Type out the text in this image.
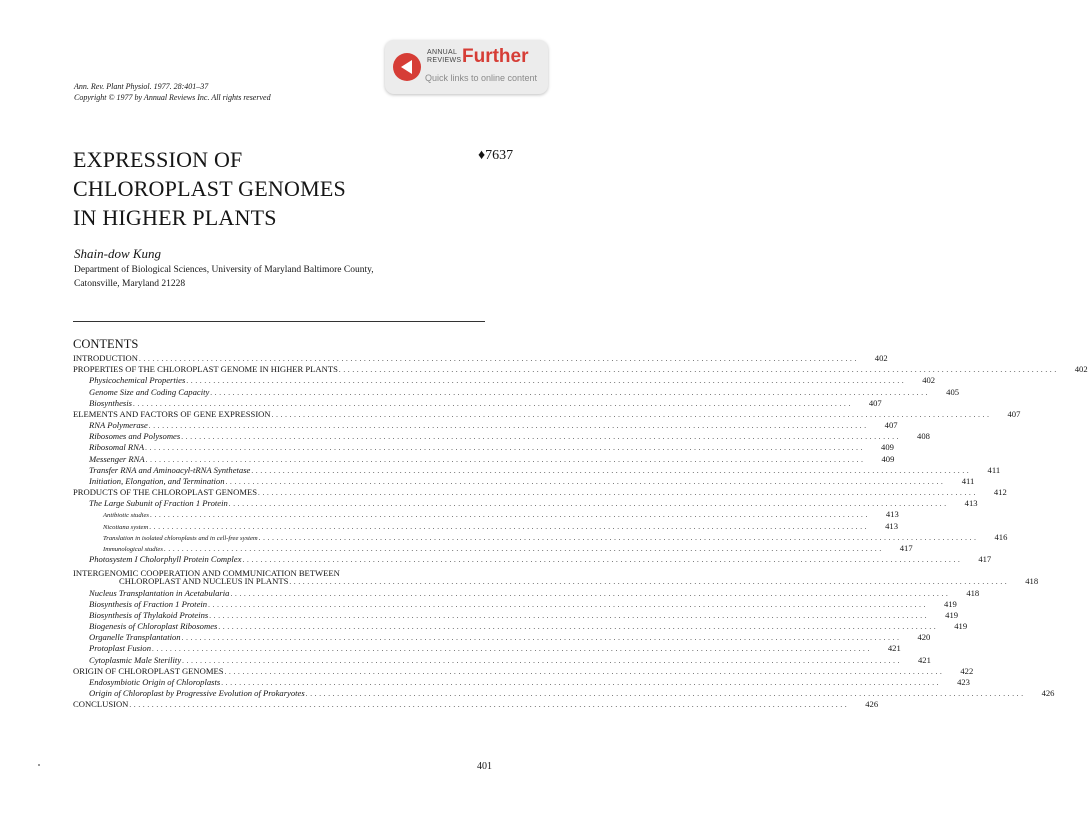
ANNUAL
REVIEWS Further
Quick links to online content
Ann. Rev. Plant Physiol. 1977. 28:401–37
Copyright © 1977 by Annual Reviews Inc. All rights reserved
EXPRESSION OF
CHLOROPLAST GENOMES
IN HIGHER PLANTS
♦7637
Shain-dow Kung
Department of Biological Sciences, University of Maryland Baltimore County,
Catonsville, Maryland 21228
CONTENTS
INTRODUCTION . . . . . . . . . . . . . . . . . . . . . . . . . . . . . . . . . . . . . . . . . . . . . . . . . . . . . . . . . . . . . . . . . . . . . . . . . . . . . . . . . . . . . . . . . . . . . . . . . . . . . . . . . . . . . . . . . . . . . . . . . . . . . . . . . . . . . . . . . . . . . . . . . . . . . . . . . . . . . . . .	402
PROPERTIES OF THE CHLOROPLAST GENOME IN HIGHER PLANTS . . . . . . . . . . . . . . . . . . . . . . . . . . . . . . . . . . . . . . . . . . . . . . . . . . . . . . . . . . . . . . . . . . . . . . . . . . . . . . . . . . . . . . . . . . . . . . . . . . . . . . . . . . . . . . . . . . . . . . . . . . . . . . . . . . . . . . . . . . . . . . . . . . . . . . . . . . . . . . . .	402
Physicochemical Properties . . . . . . . . . . . . . . . . . . . . . . . . . . . . . . . . . . . . . . . . . . . . . . . . . . . . . . . . . . . . . . . . . . . . . . . . . . . . . . . . . . . . . . . . . . . . . . . . . . . . . . . . . . . . . . . . . . . . . . . . . . . . . . . . . . . . . . . . . . . . . . . . . . . . . . . . . . . . . . . .	402
Genome Size and Coding Capacity . . . . . . . . . . . . . . . . . . . . . . . . . . . . . . . . . . . . . . . . . . . . . . . . . . . . . . . . . . . . . . . . . . . . . . . . . . . . . . . . . . . . . . . . . . . . . . . . . . . . . . . . . . . . . . . . . . . . . . . . . . . . . . . . . . . . . . . . . . . . . . . . . . . . . . . . . . . . . . . .	405
Biosynthesis . . . . . . . . . . . . . . . . . . . . . . . . . . . . . . . . . . . . . . . . . . . . . . . . . . . . . . . . . . . . . . . . . . . . . . . . . . . . . . . . . . . . . . . . . . . . . . . . . . . . . . . . . . . . . . . . . . . . . . . . . . . . . . . . . . . . . . . . . . . . . . . . . . . . . . . . . . . . . . . .	407
ELEMENTS AND FACTORS OF GENE EXPRESSION . . . . . . . . . . . . . . . . . . . . . . . . . . . . . . . . . . . . . . . . . . . . . . . . . . . . . . . . . . . . . . . . . . . . . . . . . . . . . . . . . . . . . . . . . . . . . . . . . . . . . . . . . . . . . . . . . . . . . . . . . . . . . . . . . . . . . . . . . . . . . . . . . . . . . . . . . . . . . . . .	407
RNA Polymerase . . . . . . . . . . . . . . . . . . . . . . . . . . . . . . . . . . . . . . . . . . . . . . . . . . . . . . . . . . . . . . . . . . . . . . . . . . . . . . . . . . . . . . . . . . . . . . . . . . . . . . . . . . . . . . . . . . . . . . . . . . . . . . . . . . . . . . . . . . . . . . . . . . . . . . . . . . . . . . . .	407
Ribosomes and Polysomes . . . . . . . . . . . . . . . . . . . . . . . . . . . . . . . . . . . . . . . . . . . . . . . . . . . . . . . . . . . . . . . . . . . . . . . . . . . . . . . . . . . . . . . . . . . . . . . . . . . . . . . . . . . . . . . . . . . . . . . . . . . . . . . . . . . . . . . . . . . . . . . . . . . . . . . . . . . . . . . .	408
Ribosomal RNA . . . . . . . . . . . . . . . . . . . . . . . . . . . . . . . . . . . . . . . . . . . . . . . . . . . . . . . . . . . . . . . . . . . . . . . . . . . . . . . . . . . . . . . . . . . . . . . . . . . . . . . . . . . . . . . . . . . . . . . . . . . . . . . . . . . . . . . . . . . . . . . . . . . . . . . . . . . . . . . .	409
Messenger RNA . . . . . . . . . . . . . . . . . . . . . . . . . . . . . . . . . . . . . . . . . . . . . . . . . . . . . . . . . . . . . . . . . . . . . . . . . . . . . . . . . . . . . . . . . . . . . . . . . . . . . . . . . . . . . . . . . . . . . . . . . . . . . . . . . . . . . . . . . . . . . . . . . . . . . . . . . . . . . . . .	409
Transfer RNA and Aminoacyl-tRNA Synthetase . . . . . . . . . . . . . . . . . . . . . . . . . . . . . . . . . . . . . . . . . . . . . . . . . . . . . . . . . . . . . . . . . . . . . . . . . . . . . . . . . . . . . . . . . . . . . . . . . . . . . . . . . . . . . . . . . . . . . . . . . . . . . . . . . . . . . . . . . . . . . . . . . . . . . . . . . . . . . . . .	411
Initiation, Elongation, and Termination . . . . . . . . . . . . . . . . . . . . . . . . . . . . . . . . . . . . . . . . . . . . . . . . . . . . . . . . . . . . . . . . . . . . . . . . . . . . . . . . . . . . . . . . . . . . . . . . . . . . . . . . . . . . . . . . . . . . . . . . . . . . . . . . . . . . . . . . . . . . . . . . . . . . . . . . . . . . . . . .	411
PRODUCTS OF THE CHLOROPLAST GENOMES . . . . . . . . . . . . . . . . . . . . . . . . . . . . . . . . . . . . . . . . . . . . . . . . . . . . . . . . . . . . . . . . . . . . . . . . . . . . . . . . . . . . . . . . . . . . . . . . . . . . . . . . . . . . . . . . . . . . . . . . . . . . . . . . . . . . . . . . . . . . . . . . . . . . . . . . . . . . . . . .	412
The Large Subunit of Fraction 1 Protein . . . . . . . . . . . . . . . . . . . . . . . . . . . . . . . . . . . . . . . . . . . . . . . . . . . . . . . . . . . . . . . . . . . . . . . . . . . . . . . . . . . . . . . . . . . . . . . . . . . . . . . . . . . . . . . . . . . . . . . . . . . . . . . . . . . . . . . . . . . . . . . . . . . . . . . . . . . . . . . .	413
Antibiotic studies . . . . . . . . . . . . . . . . . . . . . . . . . . . . . . . . . . . . . . . . . . . . . . . . . . . . . . . . . . . . . . . . . . . . . . . . . . . . . . . . . . . . . . . . . . . . . . . . . . . . . . . . . . . . . . . . . . . . . . . . . . . . . . . . . . . . . . . . . . . . . . . . . . . . . . . . . . . . . . . .	413
Nicotiana system . . . . . . . . . . . . . . . . . . . . . . . . . . . . . . . . . . . . . . . . . . . . . . . . . . . . . . . . . . . . . . . . . . . . . . . . . . . . . . . . . . . . . . . . . . . . . . . . . . . . . . . . . . . . . . . . . . . . . . . . . . . . . . . . . . . . . . . . . . . . . . . . . . . . . . . . . . . . . . . .	413
Translation in isolated chloroplasts and in cell-free system . . . . . . . . . . . . . . . . . . . . . . . . . . . . . . . . . . . . . . . . . . . . . . . . . . . . . . . . . . . . . . . . . . . . . . . . . . . . . . . . . . . . . . . . . . . . . . . . . . . . . . . . . . . . . . . . . . . . . . . . . . . . . . . . . . . . . . . . . . . . . . . . . . . . . . . . . . . . . . . .	416
Immunological studies . . . . . . . . . . . . . . . . . . . . . . . . . . . . . . . . . . . . . . . . . . . . . . . . . . . . . . . . . . . . . . . . . . . . . . . . . . . . . . . . . . . . . . . . . . . . . . . . . . . . . . . . . . . . . . . . . . . . . . . . . . . . . . . . . . . . . . . . . . . . . . . . . . . . . . . . . . . . . . . .	417
Photosystem I Cholorphyll Protein Complex . . . . . . . . . . . . . . . . . . . . . . . . . . . . . . . . . . . . . . . . . . . . . . . . . . . . . . . . . . . . . . . . . . . . . . . . . . . . . . . . . . . . . . . . . . . . . . . . . . . . . . . . . . . . . . . . . . . . . . . . . . . . . . . . . . . . . . . . . . . . . . . . . . . . . . . . . . . . . . . .	417
INTERGENOMIC COOPERATION AND COMMUNICATION BETWEEN
CHLOROPLAST AND NUCLEUS IN PLANTS . . . . . . . . . . . . . . . . . . . . . . . . . . . . . . . . . . . . . . . . . . . . . . . . . . . . . . . . . . . . . . . . . . . . . . . . . . . . . . . . . . . . . . . . . . . . . . . . . . . . . . . . . . . . . . . . . . . . . . . . . . . . . . . . . . . . . . . . . . . . . . . . . . . . . . . . . . . . . . . .	418
Nucleus Transplantation in Acetabularia . . . . . . . . . . . . . . . . . . . . . . . . . . . . . . . . . . . . . . . . . . . . . . . . . . . . . . . . . . . . . . . . . . . . . . . . . . . . . . . . . . . . . . . . . . . . . . . . . . . . . . . . . . . . . . . . . . . . . . . . . . . . . . . . . . . . . . . . . . . . . . . . . . . . . . . . . . . . . . . .	418
Biosynthesis of Fraction 1 Protein . . . . . . . . . . . . . . . . . . . . . . . . . . . . . . . . . . . . . . . . . . . . . . . . . . . . . . . . . . . . . . . . . . . . . . . . . . . . . . . . . . . . . . . . . . . . . . . . . . . . . . . . . . . . . . . . . . . . . . . . . . . . . . . . . . . . . . . . . . . . . . . . . . . . . . . . . . . . . . . .	419
Biosynthesis of Thylakoid Proteins . . . . . . . . . . . . . . . . . . . . . . . . . . . . . . . . . . . . . . . . . . . . . . . . . . . . . . . . . . . . . . . . . . . . . . . . . . . . . . . . . . . . . . . . . . . . . . . . . . . . . . . . . . . . . . . . . . . . . . . . . . . . . . . . . . . . . . . . . . . . . . . . . . . . . . . . . . . . . . . .	419
Biogenesis of Chloroplast Ribosomes . . . . . . . . . . . . . . . . . . . . . . . . . . . . . . . . . . . . . . . . . . . . . . . . . . . . . . . . . . . . . . . . . . . . . . . . . . . . . . . . . . . . . . . . . . . . . . . . . . . . . . . . . . . . . . . . . . . . . . . . . . . . . . . . . . . . . . . . . . . . . . . . . . . . . . . . . . . . . . . .	419
Organelle Transplantation . . . . . . . . . . . . . . . . . . . . . . . . . . . . . . . . . . . . . . . . . . . . . . . . . . . . . . . . . . . . . . . . . . . . . . . . . . . . . . . . . . . . . . . . . . . . . . . . . . . . . . . . . . . . . . . . . . . . . . . . . . . . . . . . . . . . . . . . . . . . . . . . . . . . . . . . . . . . . . . .	420
Protoplast Fusion . . . . . . . . . . . . . . . . . . . . . . . . . . . . . . . . . . . . . . . . . . . . . . . . . . . . . . . . . . . . . . . . . . . . . . . . . . . . . . . . . . . . . . . . . . . . . . . . . . . . . . . . . . . . . . . . . . . . . . . . . . . . . . . . . . . . . . . . . . . . . . . . . . . . . . . . . . . . . . . .	421
Cytoplasmic Male Sterility . . . . . . . . . . . . . . . . . . . . . . . . . . . . . . . . . . . . . . . . . . . . . . . . . . . . . . . . . . . . . . . . . . . . . . . . . . . . . . . . . . . . . . . . . . . . . . . . . . . . . . . . . . . . . . . . . . . . . . . . . . . . . . . . . . . . . . . . . . . . . . . . . . . . . . . . . . . . . . . .	421
ORIGIN OF CHLOROPLAST GENOMES . . . . . . . . . . . . . . . . . . . . . . . . . . . . . . . . . . . . . . . . . . . . . . . . . . . . . . . . . . . . . . . . . . . . . . . . . . . . . . . . . . . . . . . . . . . . . . . . . . . . . . . . . . . . . . . . . . . . . . . . . . . . . . . . . . . . . . . . . . . . . . . . . . . . . . . . . . . . . . . .	422
Endosymbiotic Origin of Chloroplasts . . . . . . . . . . . . . . . . . . . . . . . . . . . . . . . . . . . . . . . . . . . . . . . . . . . . . . . . . . . . . . . . . . . . . . . . . . . . . . . . . . . . . . . . . . . . . . . . . . . . . . . . . . . . . . . . . . . . . . . . . . . . . . . . . . . . . . . . . . . . . . . . . . . . . . . . . . . . . . . .	423
Origin of Chloroplast by Progressive Evolution of Prokaryotes . . . . . . . . . . . . . . . . . . . . . . . . . . . . . . . . . . . . . . . . . . . . . . . . . . . . . . . . . . . . . . . . . . . . . . . . . . . . . . . . . . . . . . . . . . . . . . . . . . . . . . . . . . . . . . . . . . . . . . . . . . . . . . . . . . . . . . . . . . . . . . . . . . . . . . . . . . . . . . . .	426
CONCLUSION . . . . . . . . . . . . . . . . . . . . . . . . . . . . . . . . . . . . . . . . . . . . . . . . . . . . . . . . . . . . . . . . . . . . . . . . . . . . . . . . . . . . . . . . . . . . . . . . . . . . . . . . . . . . . . . . . . . . . . . . . . . . . . . . . . . . . . . . . . . . . . . . . . . . . . . . . . . . . . . .	426
401
